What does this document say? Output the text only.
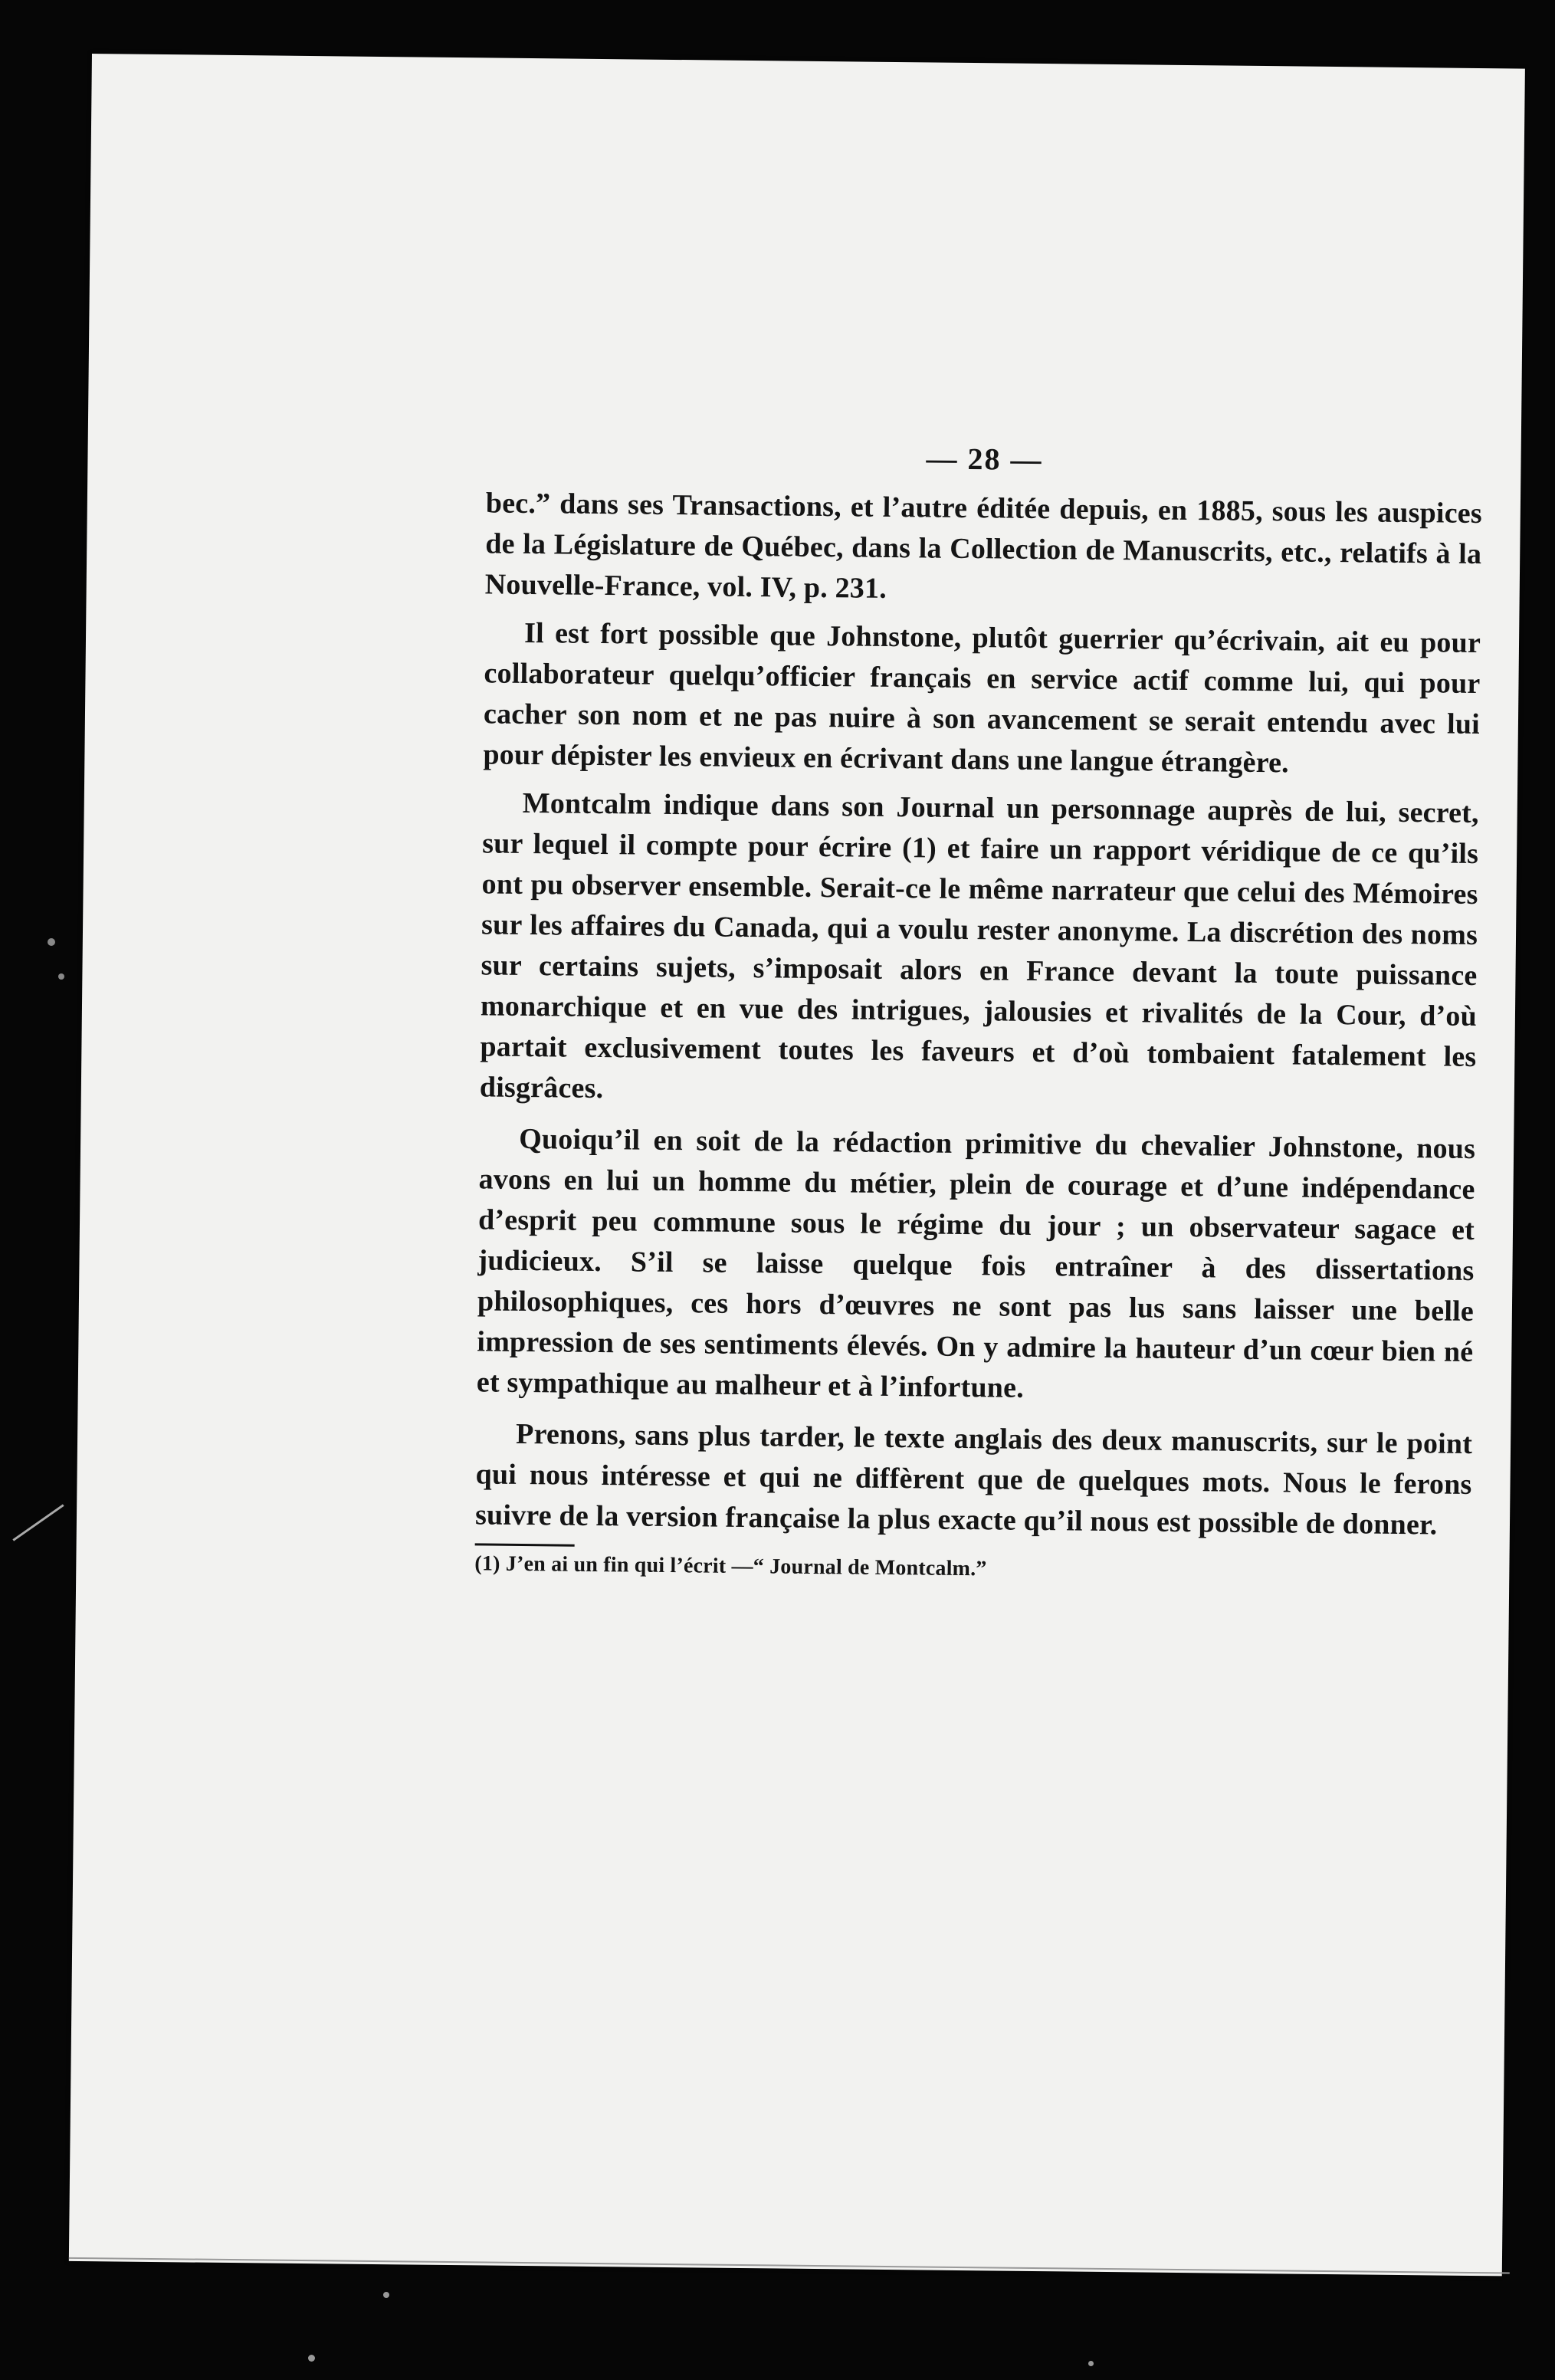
— 28 —

bec.” dans ses Transactions, et l’autre éditée depuis, en 1885, sous les auspices de la Législature de Québec, dans la Collection de Manuscrits, etc., relatifs à la Nouvelle-France, vol. IV, p. 231.

Il est fort possible que Johnstone, plutôt guerrier qu’écrivain, ait eu pour collaborateur quelqu’officier français en service actif comme lui, qui pour cacher son nom et ne pas nuire à son avancement se serait entendu avec lui pour dépister les envieux en écrivant dans une langue étrangère.

Montcalm indique dans son Journal un personnage auprès de lui, secret, sur lequel il compte pour écrire (1) et faire un rapport véridique de ce qu’ils ont pu observer ensemble. Serait-ce le même narrateur que celui des Mémoires sur les affaires du Canada, qui a voulu rester anonyme. La discrétion des noms sur certains sujets, s’imposait alors en France devant la toute puissance monarchique et en vue des intrigues, jalousies et rivalités de la Cour, d’où partait exclusivement toutes les faveurs et d’où tombaient fatalement les disgrâces.

Quoiqu’il en soit de la rédaction primitive du chevalier Johnstone, nous avons en lui un homme du métier, plein de courage et d’une indépendance d’esprit peu commune sous le régime du jour ; un observateur sagace et judicieux. S’il se laisse quelque fois entraîner à des dissertations philosophiques, ces hors d’œuvres ne sont pas lus sans laisser une belle impression de ses sentiments élevés. On y admire la hauteur d’un cœur bien né et sympathique au malheur et à l’infortune.

Prenons, sans plus tarder, le texte anglais des deux manuscrits, sur le point qui nous intéresse et qui ne diffèrent que de quelques mots. Nous le ferons suivre de la version française la plus exacte qu’il nous est possible de donner.

(1) J’en ai un fin qui l’écrit —“ Journal de Montcalm.”
